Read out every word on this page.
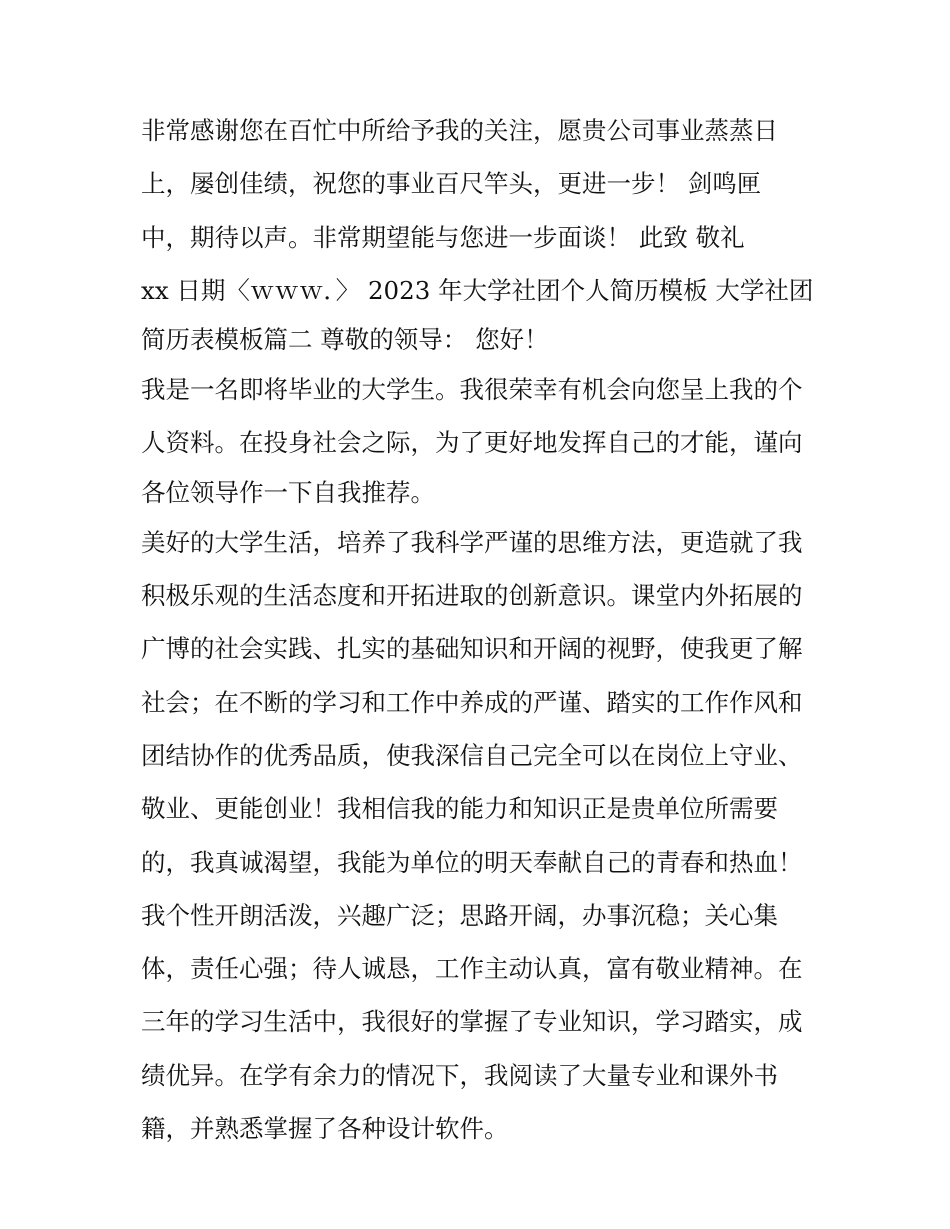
非常感谢您在百忙中所给予我的关注，愿贵公司事业蒸蒸日
上，屡创佳绩，祝您的事业百尺竿头，更进一步！ 剑鸣匣
中，期待以声。非常期望能与您进一步面谈！ 此致 敬礼
xx 日期〈ｗｗｗ．〉 2023 年大学社团个人简历模板 大学社团
简历表模板篇二 尊敬的领导： 您好！
我是一名即将毕业的大学生。我很荣幸有机会向您呈上我的个
人资料。在投身社会之际，为了更好地发挥自己的才能，谨向
各位领导作一下自我推荐。
美好的大学生活，培养了我科学严谨的思维方法，更造就了我
积极乐观的生活态度和开拓进取的创新意识。课堂内外拓展的
广博的社会实践、扎实的基础知识和开阔的视野，使我更了解
社会；在不断的学习和工作中养成的严谨、踏实的工作作风和
团结协作的优秀品质，使我深信自己完全可以在岗位上守业、
敬业、更能创业！我相信我的能力和知识正是贵单位所需要
的，我真诚渴望，我能为单位的明天奉献自己的青春和热血！
我个性开朗活泼，兴趣广泛；思路开阔，办事沉稳；关心集
体，责任心强；待人诚恳，工作主动认真，富有敬业精神。在
三年的学习生活中，我很好的掌握了专业知识，学习踏实，成
绩优异。在学有余力的情况下，我阅读了大量专业和课外书
籍，并熟悉掌握了各种设计软件。
